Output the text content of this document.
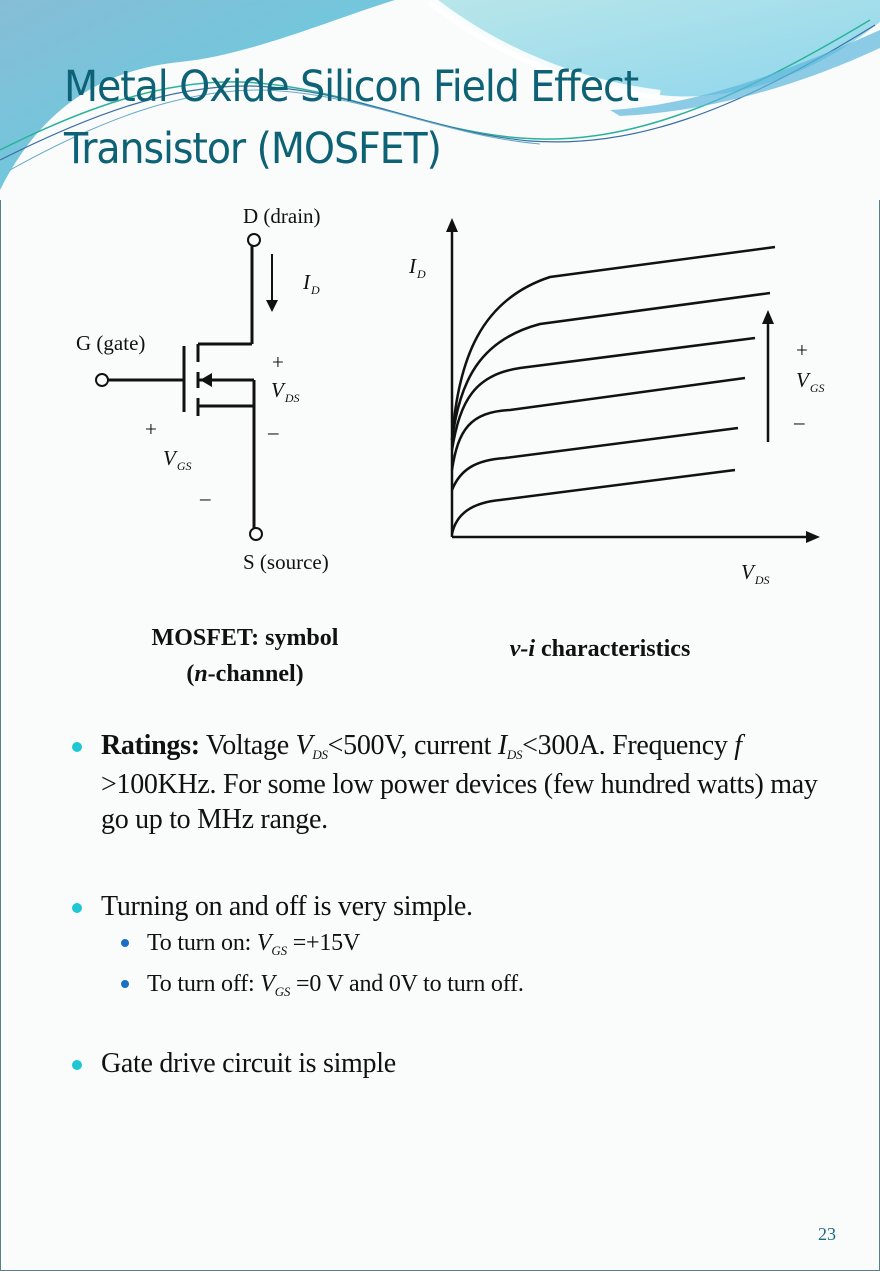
Metal Oxide Silicon Field Effect
Transistor (MOSFET)
D (drain)
$I_D$
G (gate)
+
$V_{DS}$
–
+
$V_{GS}$
–
S (source)
$I_D$
+
$V_{GS}$
–
$V_{DS}$
MOSFET: symbol
(n-channel)
v-i characteristics
Ratings: Voltage VDS<500V, current IDS<300A. Frequency f >100KHz. For some low power devices (few hundred watts) may go up to MHz range.
Turning on and off is very simple.
To turn on: $V_{GS} =+15V$
To turn off: $V_{GS} =0$ V and 0V to turn off.
Gate drive circuit is simple
23
